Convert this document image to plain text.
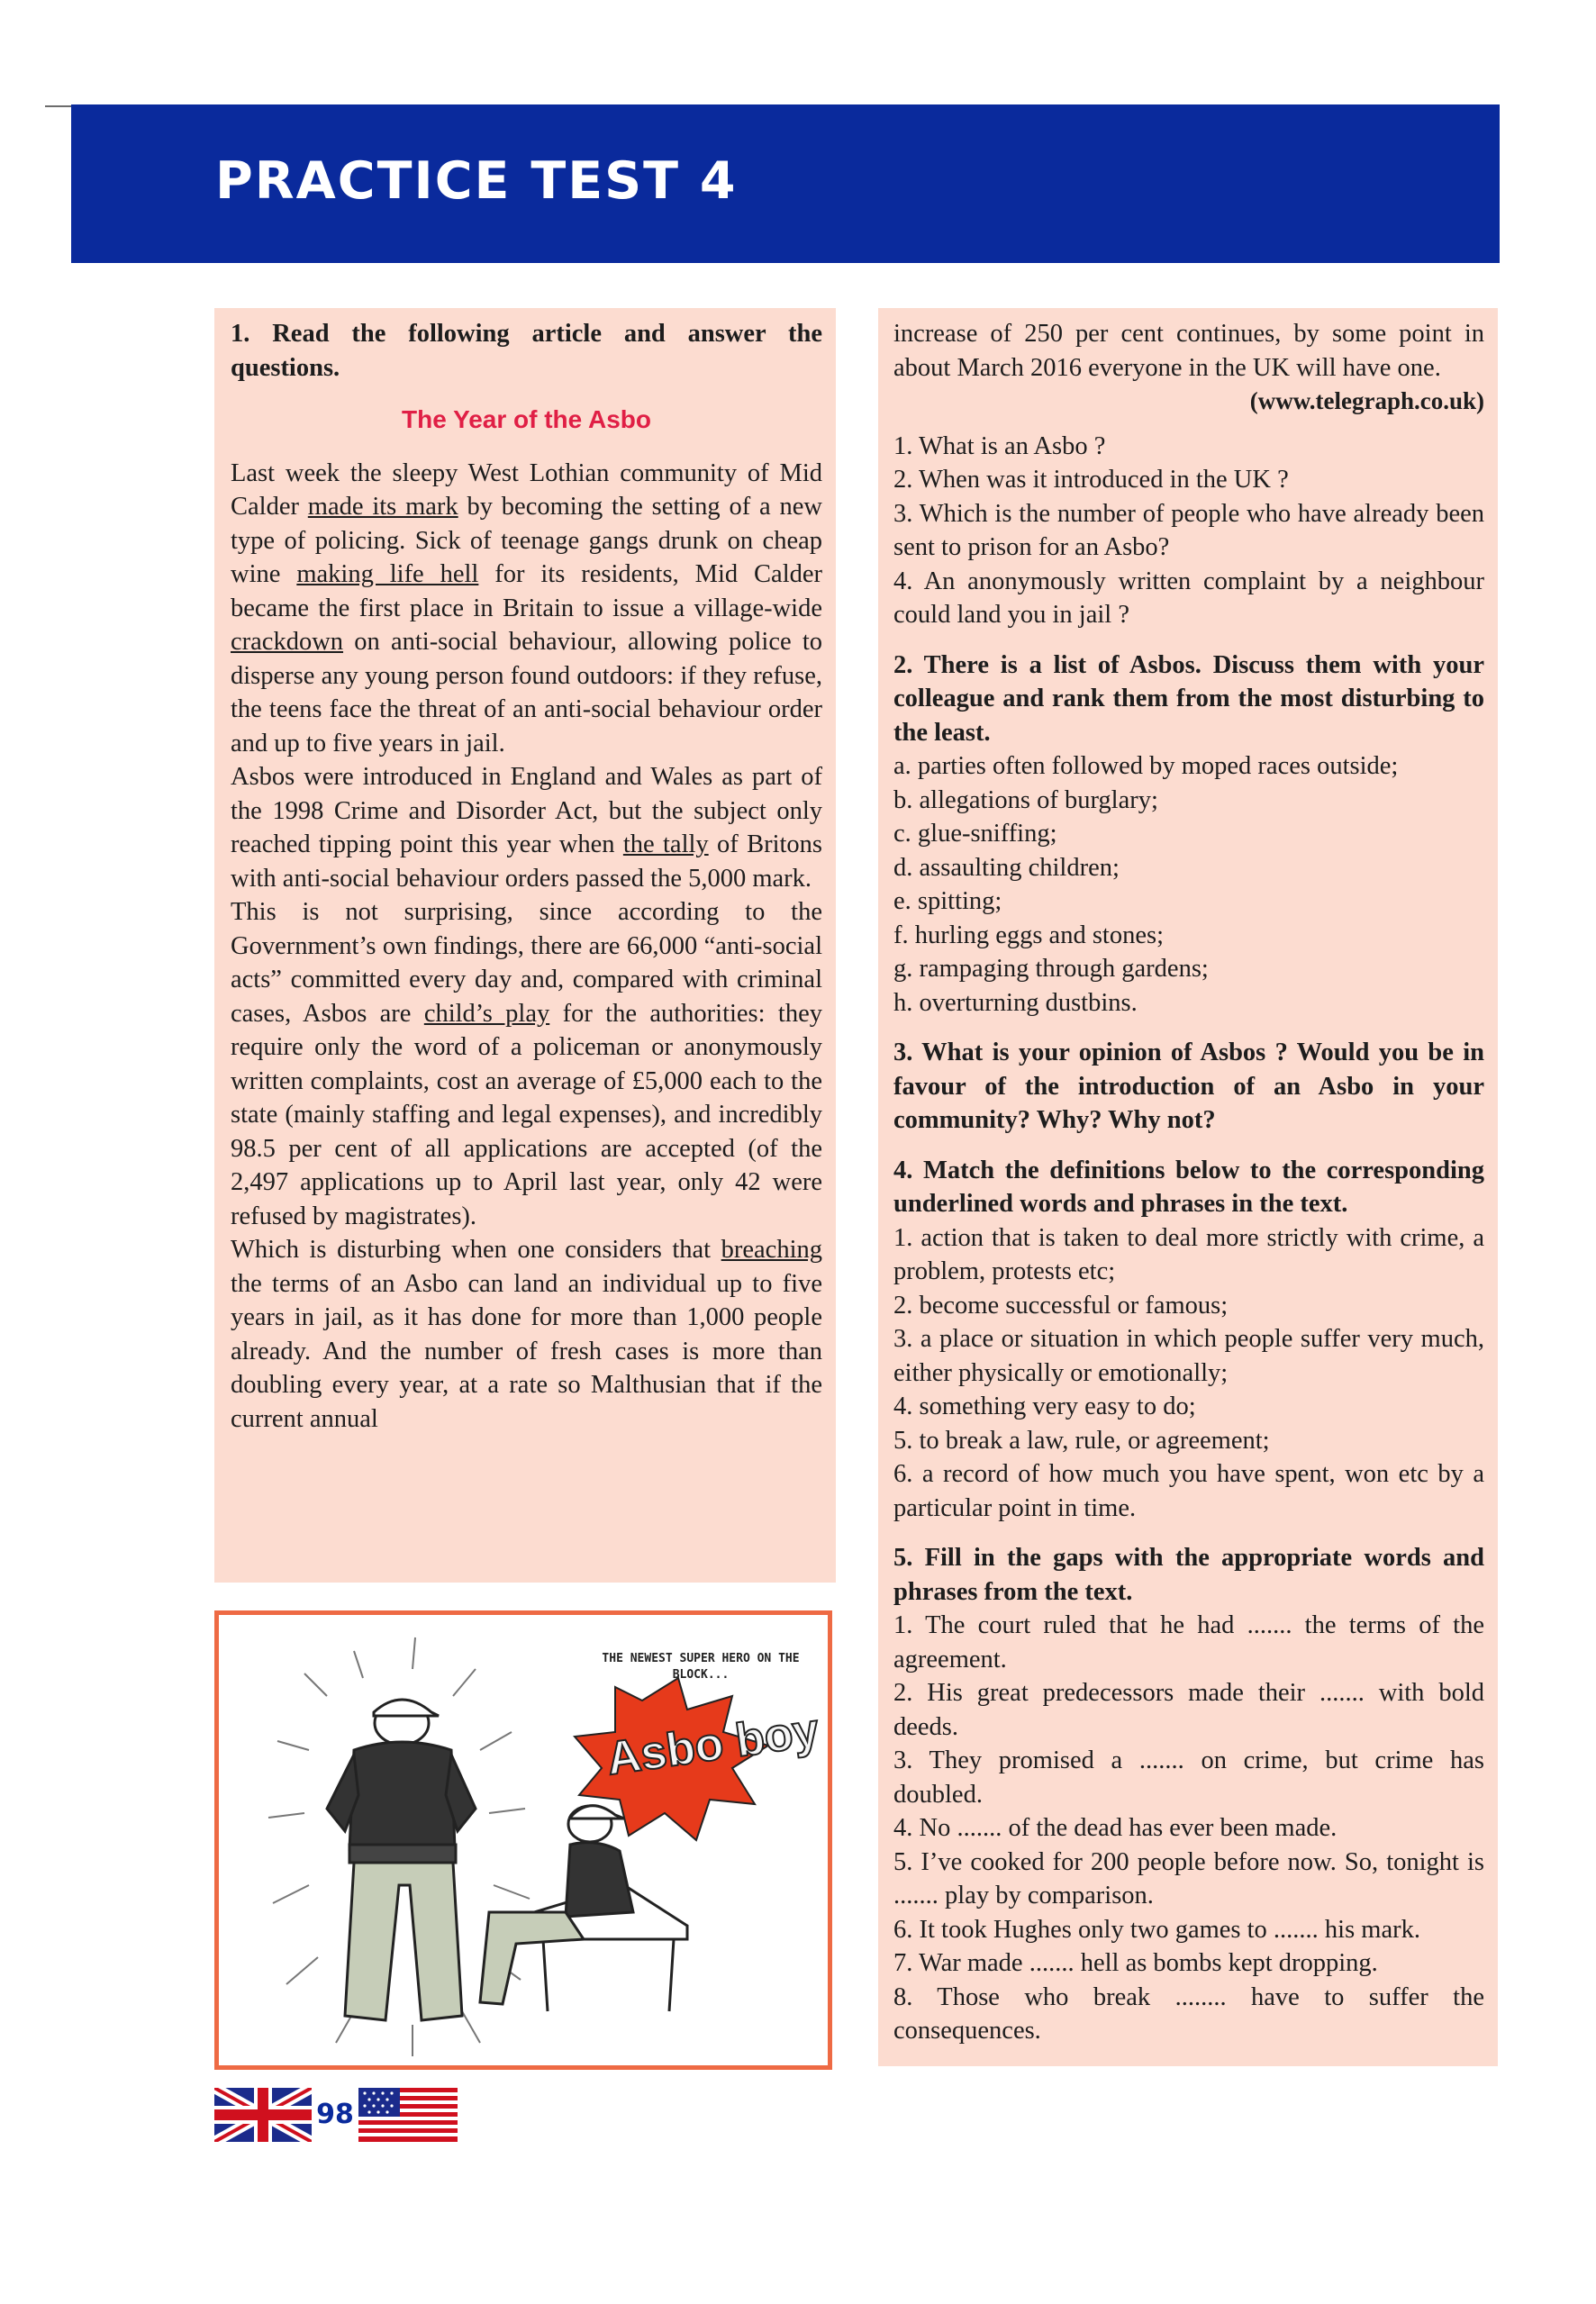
PRACTICE TEST 4
1. Read the following article and answer the questions.
The Year of the Asbo

Last week the sleepy West Lothian community of Mid Calder made its mark by becoming the setting of a new type of policing. Sick of teenage gangs drunk on cheap wine making life hell for its residents, Mid Calder became the first place in Britain to issue a village-wide crackdown on anti-social behaviour, allowing police to disperse any young person found outdoors: if they refuse, the teens face the threat of an anti-social behaviour order and up to five years in jail.

Asbos were introduced in England and Wales as part of the 1998 Crime and Disorder Act, but the subject only reached tipping point this year when the tally of Britons with anti-social behaviour orders passed the 5,000 mark.

This is not surprising, since according to the Government’s own findings, there are 66,000 “anti-social acts” committed every day and, compared with criminal cases, Asbos are child’s play for the authorities: they require only the word of a policeman or anonymously written complaints, cost an average of £5,000 each to the state (mainly staffing and legal expenses), and incredibly 98.5 per cent of all applications are accepted (of the 2,497 applications up to April last year, only 42 were refused by magistrates).

Which is disturbing when one considers that breaching the terms of an Asbo can land an individual up to five years in jail, as it has done for more than 1,000 people already. And the number of fresh cases is more than doubling every year, at a rate so Malthusian that if the current annual

increase of 250 per cent continues, by some point in about March 2016 everyone in the UK will have one.

(www.telegraph.co.uk)
1. What is an Asbo ?
2. When was it introduced in the UK ?
3. Which is the number of people who have already been sent to prison for an Asbo?
4. An anonymously written complaint by a neighbour could land you in jail ?
2. There is a list of Asbos. Discuss them with your colleague and rank them from the most disturbing to the least.
a. parties often followed by moped races outside;
b. allegations of burglary;
c. glue-sniffing;
d. assaulting children;
e. spitting;
f. hurling eggs and stones;
g. rampaging through gardens;
h. overturning dustbins.
3. What is your opinion of Asbos ? Would you be in favour of the introduction of an Asbo in your community? Why? Why not?
4. Match the definitions below to the corresponding underlined words and phrases in the text.
1. action that is taken to deal more strictly with crime, a problem, protests etc;
2. become successful or famous;
3. a place or situation in which people suffer very much, either physically or emotionally;
4. something very easy to do;
5. to break a law, rule, or agreement;
6. a record of how much you have spent, won etc by a particular point in time.
5. Fill in the gaps with the appropriate words and phrases from the text.
1. The court ruled that he had ....... the terms of the agreement.
2. His great predecessors made their ....... with bold deeds.
3. They promised a ....... on crime, but crime has doubled.
4. No ....... of the dead has ever been made.
5. I’ve cooked for 200 people before now. So, tonight is ....... play by comparison.
6. It took Hughes only two games to ....... his mark.
7. War made ....... hell as bombs kept dropping.
8. Those who break ........ have to suffer the consequences.
THE NEWEST SUPER HERO ON THE BLOCK...
Asbo boy
98
